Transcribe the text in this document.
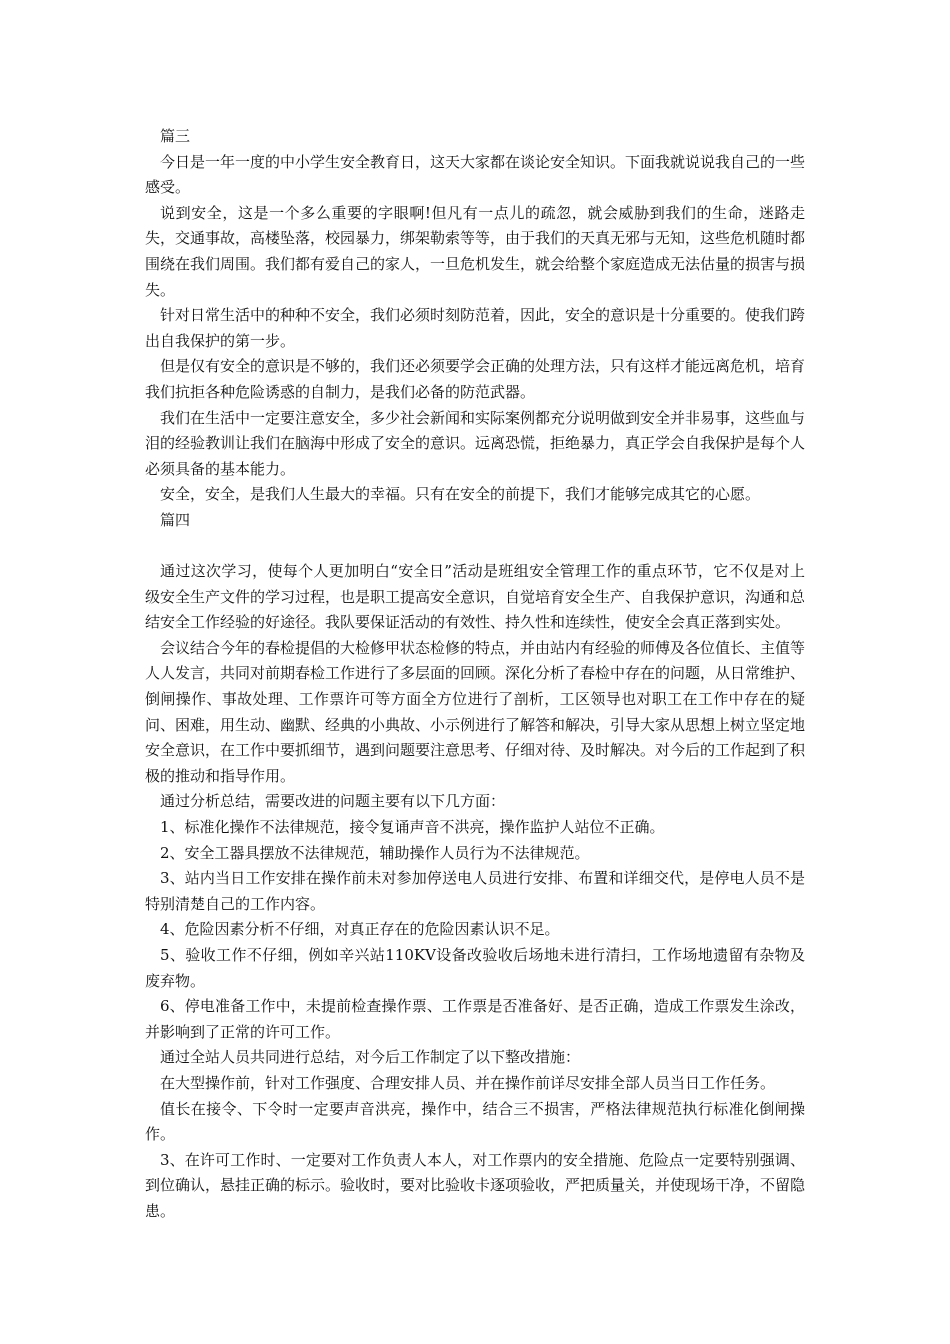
篇三

今日是一年一度的中小学生安全教育日，这天大家都在谈论安全知识。下面我就说说我自己的一些感受。

说到安全，这是一个多么重要的字眼啊!但凡有一点儿的疏忽，就会威胁到我们的生命，迷路走失，交通事故，高楼坠落，校园暴力，绑架勒索等等，由于我们的天真无邪与无知，这些危机随时都围绕在我们周围。我们都有爱自己的家人，一旦危机发生，就会给整个家庭造成无法估量的损害与损失。

针对日常生活中的种种不安全，我们必须时刻防范着，因此，安全的意识是十分重要的。使我们跨出自我保护的第一步。

但是仅有安全的意识是不够的，我们还必须要学会正确的处理方法，只有这样才能远离危机，培育我们抗拒各种危险诱惑的自制力，是我们必备的防范武器。

我们在生活中一定要注意安全，多少社会新闻和实际案例都充分说明做到安全并非易事，这些血与泪的经验教训让我们在脑海中形成了安全的意识。远离恐慌，拒绝暴力，真正学会自我保护是每个人必须具备的基本能力。

安全，安全，是我们人生最大的幸福。只有在安全的前提下，我们才能够完成其它的心愿。

篇四

通过这次学习，使每个人更加明白“安全日”活动是班组安全管理工作的重点环节，它不仅是对上级安全生产文件的学习过程，也是职工提高安全意识，自觉培育安全生产、自我保护意识，沟通和总结安全工作经验的好途径。我队要保证活动的有效性、持久性和连续性，使安全会真正落到实处。

会议结合今年的春检提倡的大检修甲状态检修的特点，并由站内有经验的师傅及各位值长、主值等人人发言，共同对前期春检工作进行了多层面的回顾。深化分析了春检中存在的问题，从日常维护、倒闸操作、事故处理、工作票许可等方面全方位进行了剖析，工区领导也对职工在工作中存在的疑问、困难，用生动、幽默、经典的小典故、小示例进行了解答和解决，引导大家从思想上树立坚定地安全意识，在工作中要抓细节，遇到问题要注意思考、仔细对待、及时解决。对今后的工作起到了积极的推动和指导作用。

通过分析总结，需要改进的问题主要有以下几方面：

1、标准化操作不法律规范，接令复诵声音不洪亮，操作监护人站位不正确。

2、安全工器具摆放不法律规范，辅助操作人员行为不法律规范。

3、站内当日工作安排在操作前未对参加停送电人员进行安排、布置和详细交代，是停电人员不是特别清楚自己的工作内容。

4、危险因素分析不仔细，对真正存在的危险因素认识不足。

5、验收工作不仔细，例如辛兴站110KV设备改验收后场地未进行清扫，工作场地遗留有杂物及废弃物。

6、停电准备工作中，未提前检查操作票、工作票是否准备好、是否正确，造成工作票发生涂改，并影响到了正常的许可工作。

通过全站人员共同进行总结，对今后工作制定了以下整改措施：

在大型操作前，针对工作强度、合理安排人员、并在操作前详尽安排全部人员当日工作任务。

值长在接令、下令时一定要声音洪亮，操作中，结合三不损害，严格法律规范执行标准化倒闸操作。

3、在许可工作时、一定要对工作负责人本人，对工作票内的安全措施、危险点一定要特别强调、到位确认，悬挂正确的标示。验收时，要对比验收卡逐项验收，严把质量关，并使现场干净，不留隐患。
